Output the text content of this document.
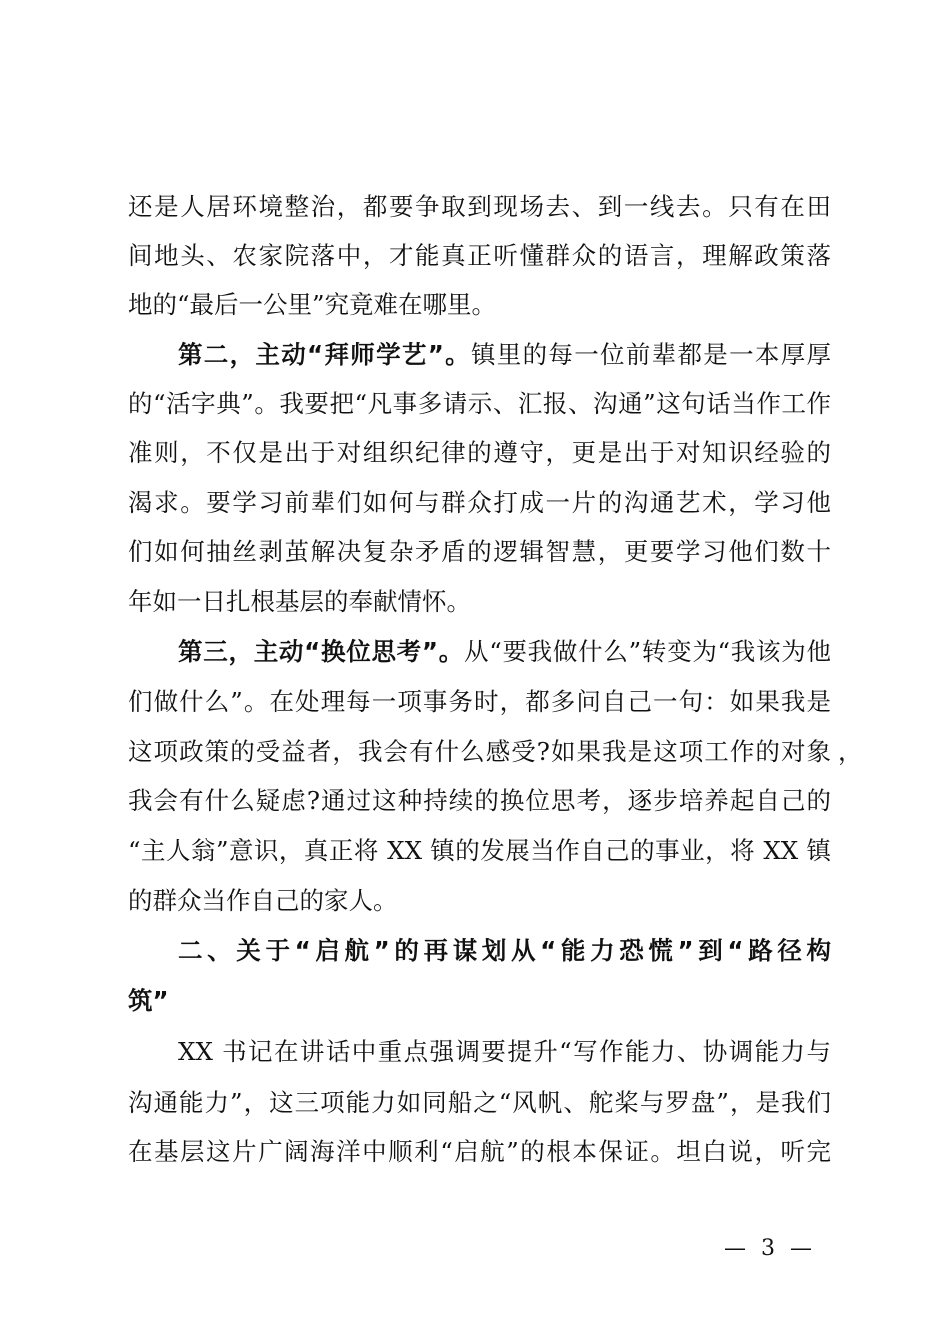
还是人居环境整治，都要争取到现场去、到一线去。只有在田
间地头、农家院落中，才能真正听懂群众的语言，理解政策落
地的“最后一公里”究竟难在哪里。
第二，主动“拜师学艺”。镇里的每一位前辈都是一本厚厚
的“活字典”。我要把“凡事多请示、汇报、沟通”这句话当作工作
准则，不仅是出于对组织纪律的遵守，更是出于对知识经验的
渴求。要学习前辈们如何与群众打成一片的沟通艺术，学习他
们如何抽丝剥茧解决复杂矛盾的逻辑智慧，更要学习他们数十
年如一日扎根基层的奉献情怀。
第三，主动“换位思考”。从“要我做什么”转变为“我该为他
们做什么”。在处理每一项事务时，都多问自己一句：如果我是
这项政策的受益者，我会有什么感受?如果我是这项工作的对象 ，
我会有什么疑虑?通过这种持续的换位思考，逐步培养起自己的
“主人翁”意识，真正将 XX 镇的发展当作自己的事业，将 XX 镇
的群众当作自己的家人。
二、关于“启航”的再谋划从“能力恐慌”到“路径构
筑”
XX 书记在讲话中重点强调要提升“写作能力、协调能力与
沟通能力”，这三项能力如同船之“风帆、舵桨与罗盘”，是我们
在基层这片广阔海洋中顺利“启航”的根本保证。坦白说，听完
— 3 —
